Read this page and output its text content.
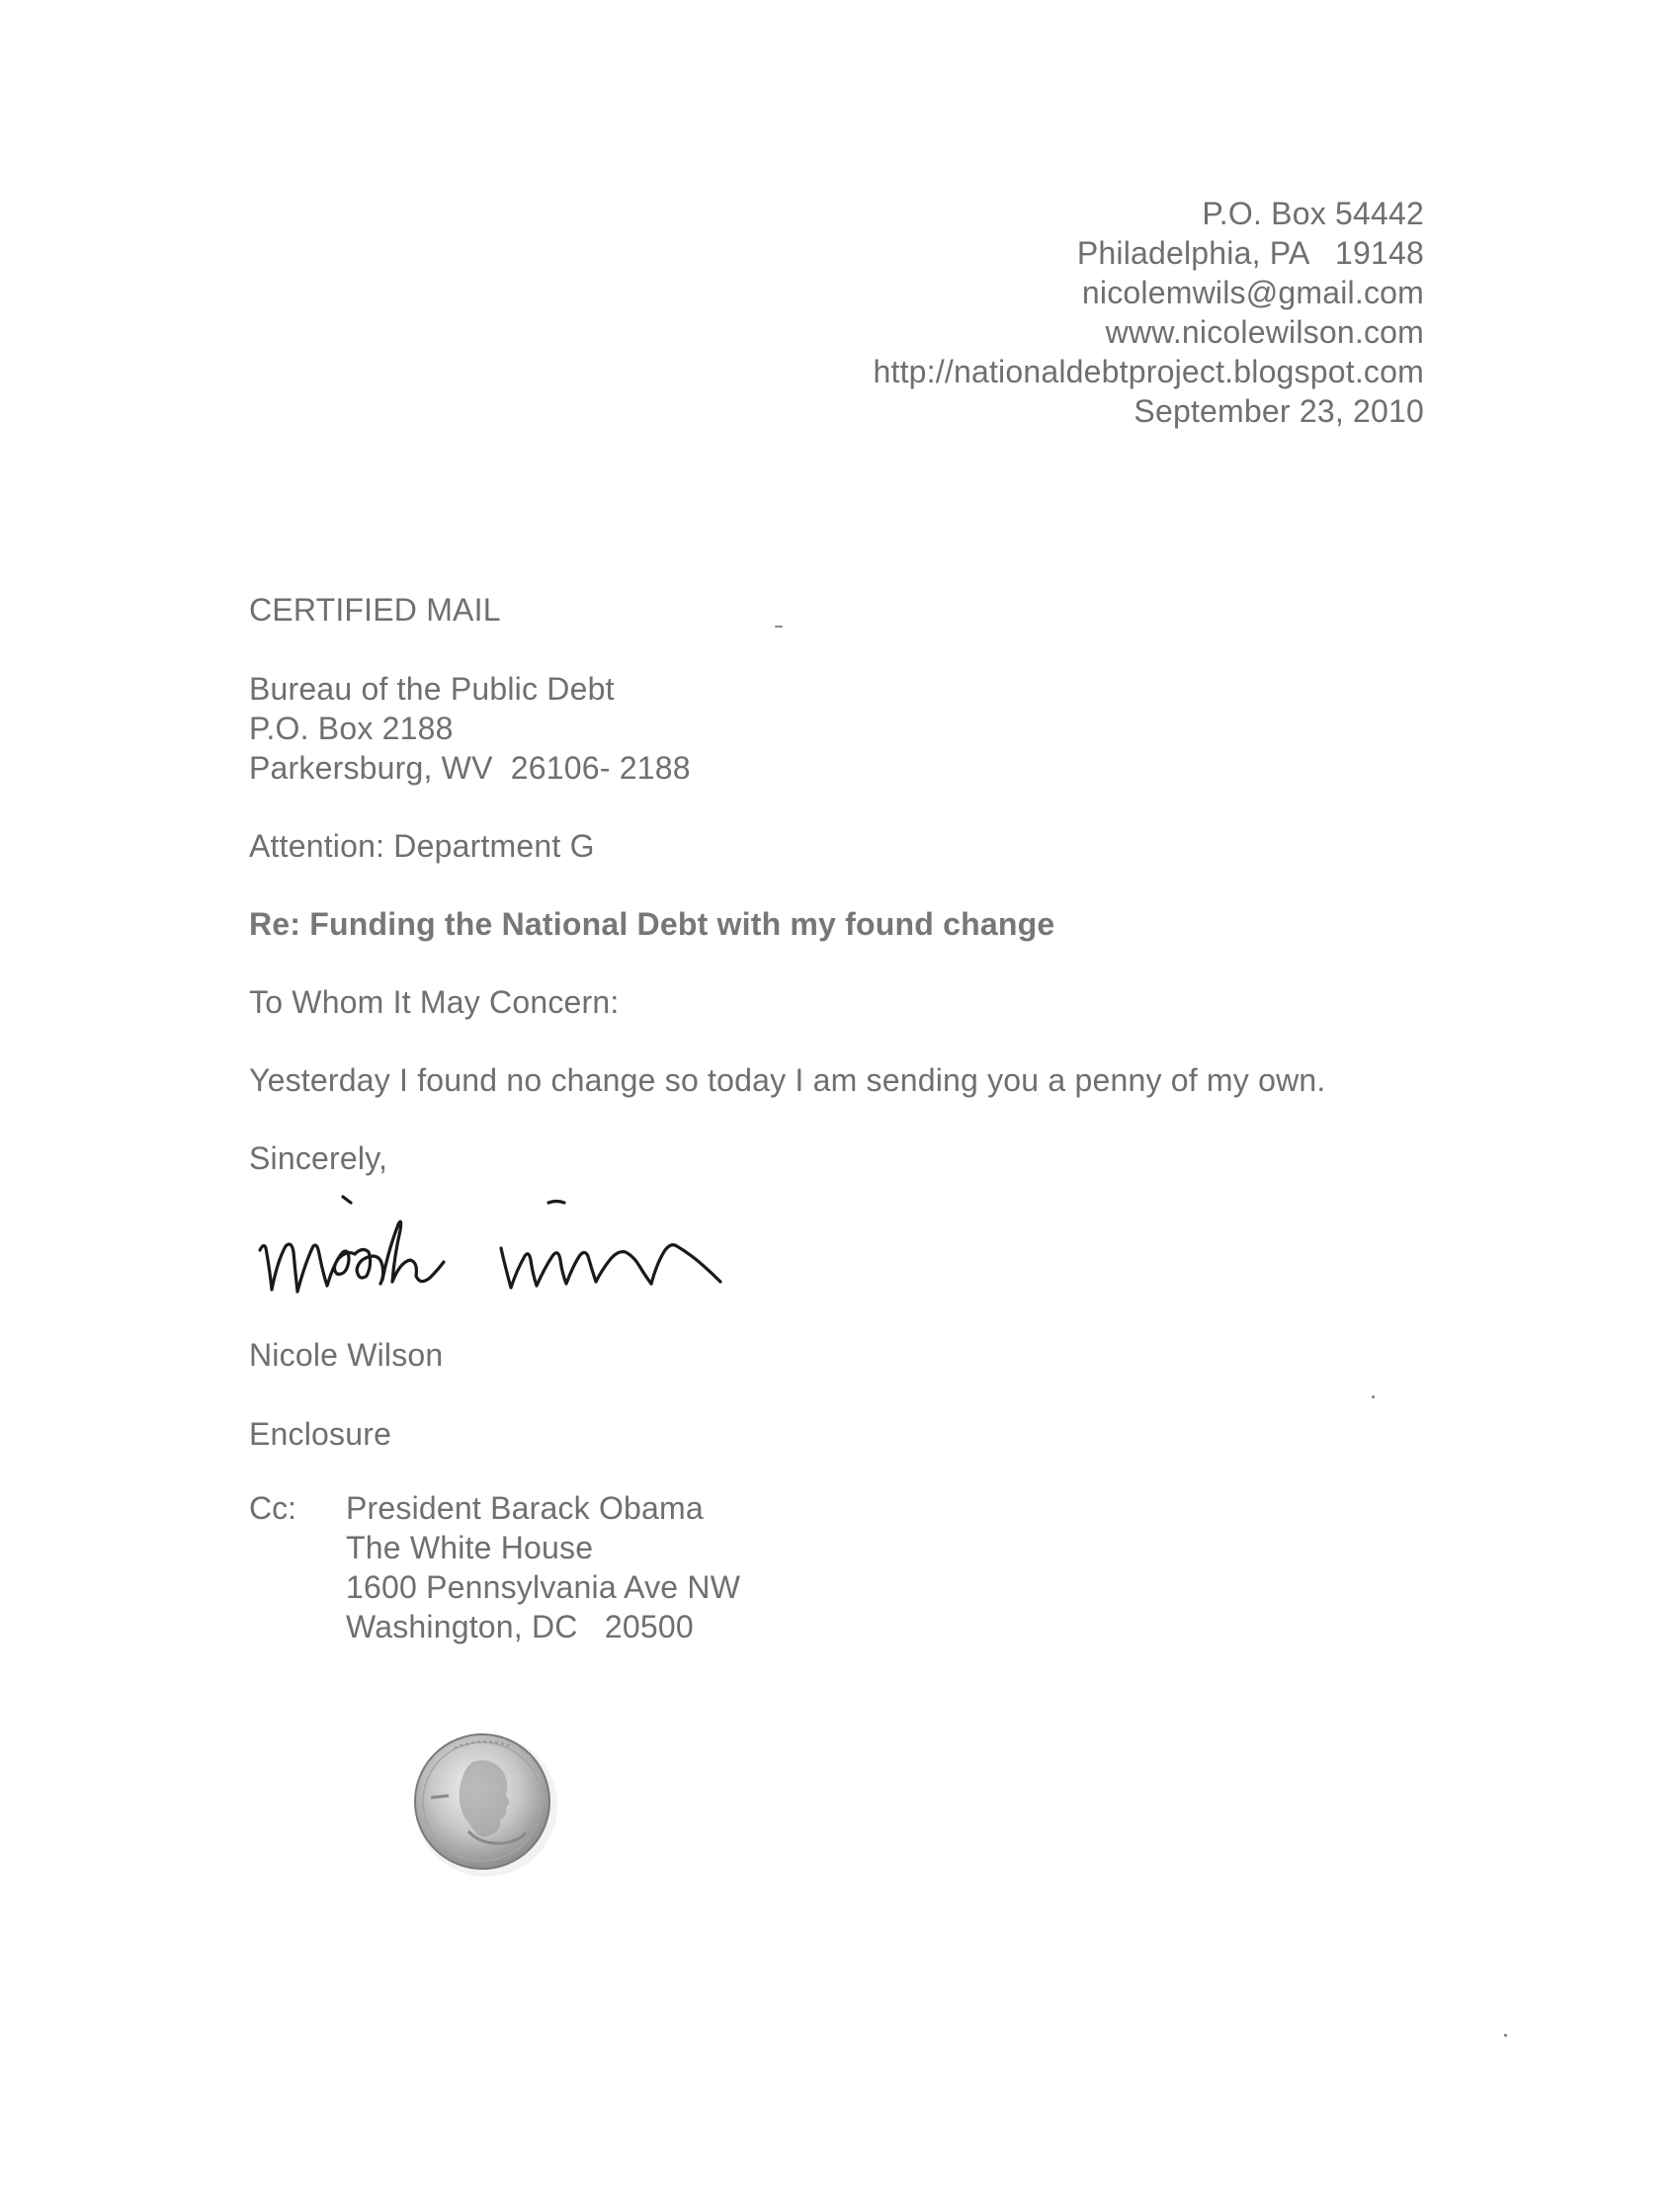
P.O. Box 54442
Philadelphia, PA   19148
nicolemwils@gmail.com
www.nicolewilson.com
http://nationaldebtproject.blogspot.com
September 23, 2010
CERTIFIED MAIL
Bureau of the Public Debt
P.O. Box 2188
Parkersburg, WV  26106- 2188
Attention: Department G
Re: Funding the National Debt with my found change
To Whom It May Concern:
Yesterday I found no change so today I am sending you a penny of my own.
Sincerely,
Nicole Wilson
Enclosure
Cc: President Barack Obama
The White House
1600 Pennsylvania Ave NW
Washington, DC   20500
